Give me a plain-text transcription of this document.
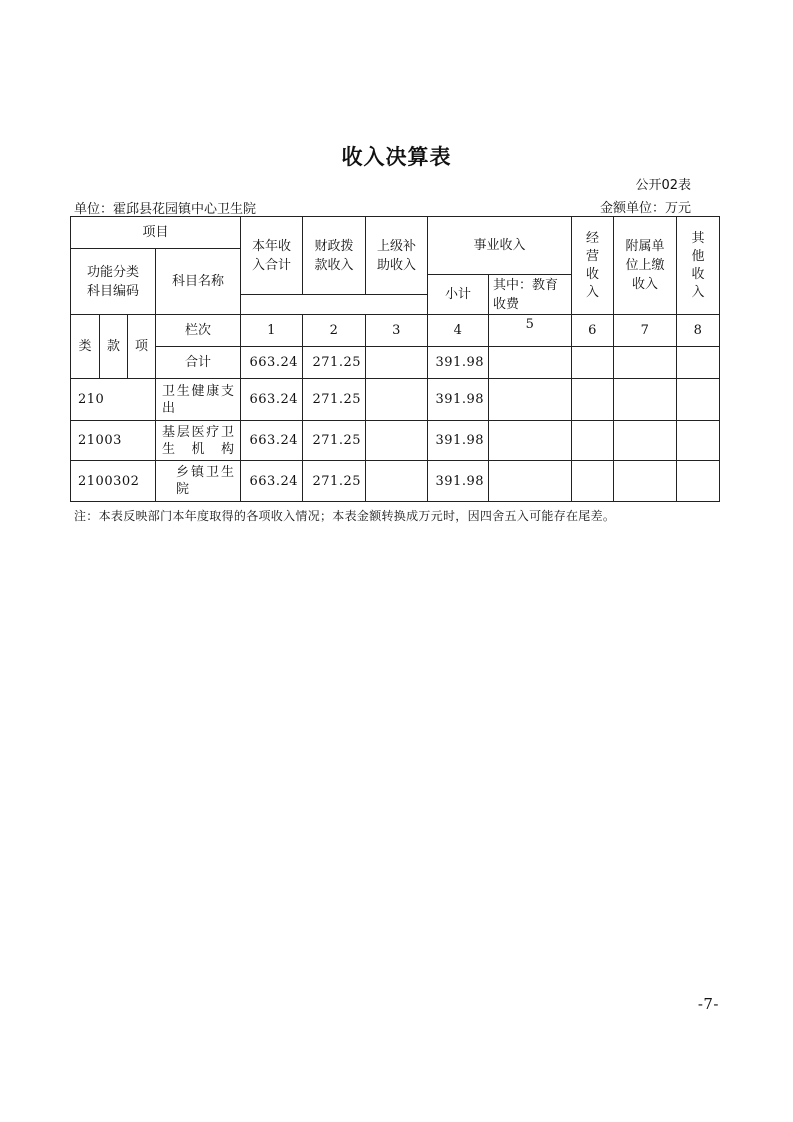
收入决算表
公开02表
单位：霍邱县花园镇中心卫生院	金额单位：万元
项目				本年收入合计	财政拨款收入	上级补助收入	事业收入		经营收入	附属单位上缴收入	其他收入
功能分类科目编码			科目名称								
							小计	其中：教育收费			

类	款	项	栏次	1	2	3	4	5	6	7	8
			合计	663.24	271.25		391.98				
210			卫生健康支出	663.24	271.25		391.98				
21003			基层医疗卫生机构	663.24	271.25		391.98				
2100302			乡镇卫生院	663.24	271.25		391.98				
注：本表反映部门本年度取得的各项收入情况；本表金额转换成万元时，因四舍五入可能存在尾差。
-7-
